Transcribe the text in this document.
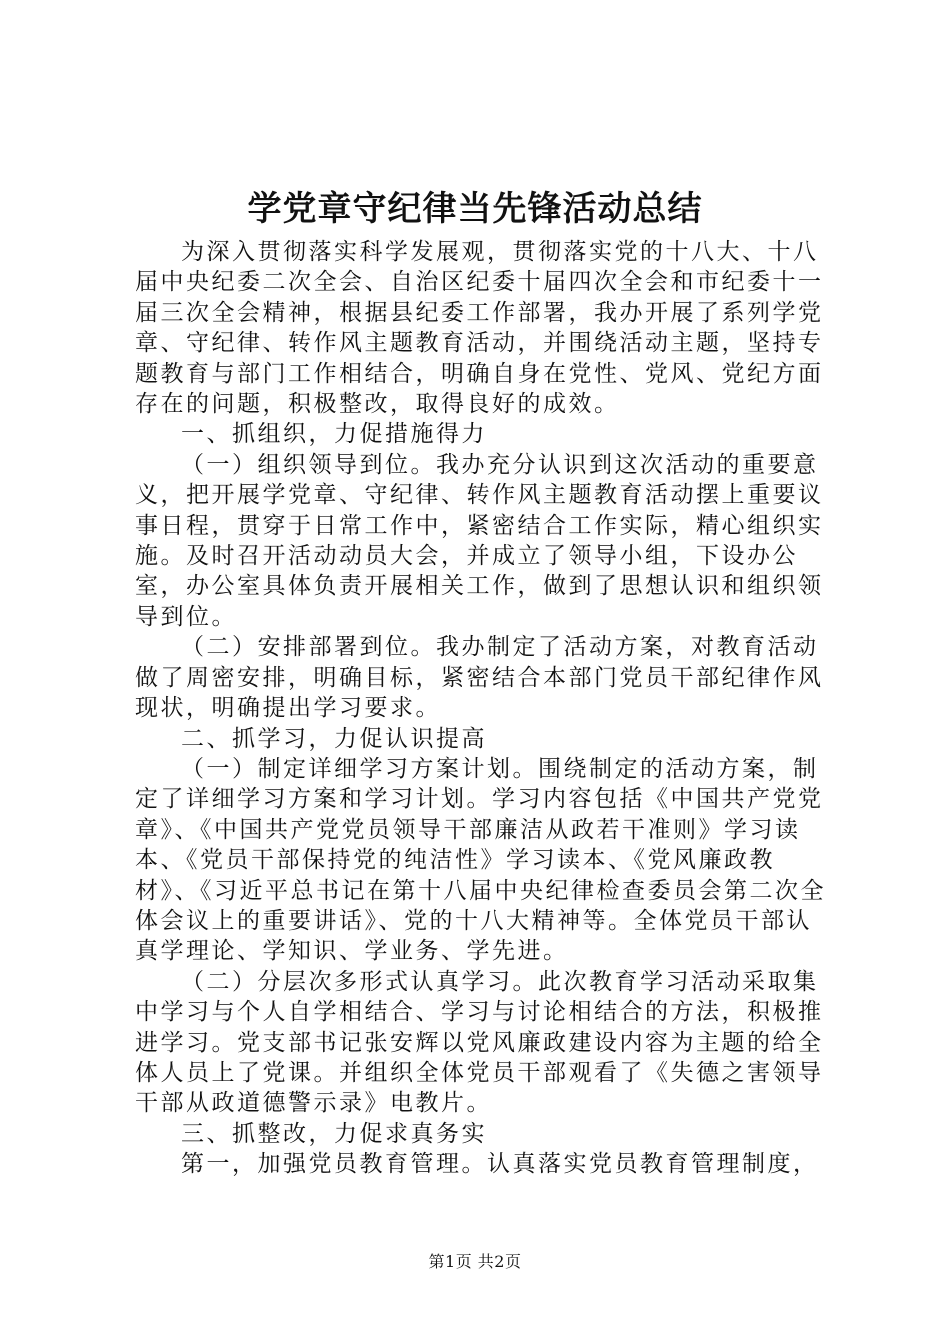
学党章守纪律当先锋活动总结

为深入贯彻落实科学发展观，贯彻落实党的十八大、十八届中央纪委二次全会、自治区纪委十届四次全会和市纪委十一届三次全会精神，根据县纪委工作部署，我办开展了系列学党章、守纪律、转作风主题教育活动，并围绕活动主题，坚持专题教育与部门工作相结合，明确自身在党性、党风、党纪方面存在的问题，积极整改，取得良好的成效。

一、抓组织，力促措施得力

（一）组织领导到位。我办充分认识到这次活动的重要意义，把开展学党章、守纪律、转作风主题教育活动摆上重要议事日程，贯穿于日常工作中，紧密结合工作实际，精心组织实施。及时召开活动动员大会，并成立了领导小组，下设办公室，办公室具体负责开展相关工作，做到了思想认识和组织领导到位。

（二）安排部署到位。我办制定了活动方案，对教育活动做了周密安排，明确目标，紧密结合本部门党员干部纪律作风现状，明确提出学习要求。

二、抓学习，力促认识提高

（一）制定详细学习方案计划。围绕制定的活动方案，制定了详细学习方案和学习计划。学习内容包括《中国共产党党章》、《中国共产党党员领导干部廉洁从政若干准则》学习读本、《党员干部保持党的纯洁性》学习读本、《党风廉政教材》、《习近平总书记在第十八届中央纪律检查委员会第二次全体会议上的重要讲话》、党的十八大精神等。全体党员干部认真学理论、学知识、学业务、学先进。

（二）分层次多形式认真学习。此次教育学习活动采取集中学习与个人自学相结合、学习与讨论相结合的方法，积极推进学习。党支部书记张安辉以党风廉政建设内容为主题的给全体人员上了党课。并组织全体党员干部观看了《失德之害领导干部从政道德警示录》电教片。

三、抓整改，力促求真务实

第一，加强党员教育管理。认真落实党员教育管理制度，

第1页 共2页
